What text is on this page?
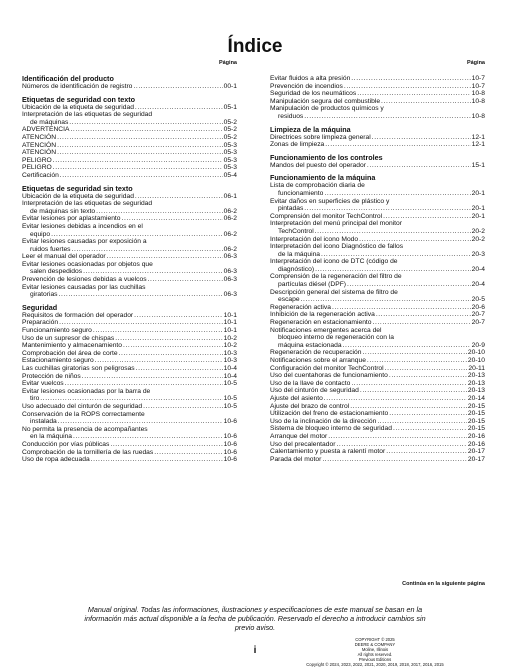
Índice
Página
Identificación del producto
Números de identificación de registro .....	00-1
Etiquetas de seguridad con texto
Ubicación de la etiqueta de seguridad .....	05-1
Interpretación de las etiquetas de seguridad
de máquinas .....	05-2
ADVERTENCIA .....	05-2
ATENCIÓN .....	05-2
ATENCIÓN .....	05-3
ATENCIÓN .....	05-3
PELIGRO .....	05-3
PELIGRO .....	05-3
Certificación .....	05-4
Etiquetas de seguridad sin texto
Ubicación de la etiqueta de seguridad .....	06-1
Interpretación de las etiquetas de seguridad
de máquinas sin texto .....	06-2
Evitar lesiones por aplastamiento .....	06-2
Evitar lesiones debidas a incendios en el
equipo .....	06-2
Evitar lesiones causadas por exposición a
ruidos fuertes .....	06-2
Leer el manual del operador .....	06-3
Evitar lesiones ocasionadas por objetos que
salen despedidos .....	06-3
Prevención de lesiones debidas a vuelcos .....	06-3
Evitar lesiones causadas por las cuchillas
giratorias .....	06-3
Seguridad
Requisitos de formación del operador .....	10-1
Preparación .....	10-1
Funcionamiento seguro .....	10-1
Uso de un supresor de chispas .....	10-2
Mantenimiento y almacenamiento .....	10-2
Comprobación del área de corte .....	10-3
Estacionamiento seguro .....	10-3
Las cuchillas giratorias son peligrosas .....	10-4
Protección de niños .....	10-4
Evitar vuelcos .....	10-5
Evitar lesiones ocasionadas por la barra de
tiro .....	10-5
Uso adecuado del cinturón de seguridad .....	10-5
Conservación de la ROPS correctamente
instalada .....	10-6
No permita la presencia de acompañantes
en la máquina .....	10-6
Conducción por vías públicas .....	10-6
Comprobación de la tornillería de las ruedas .....	10-6
Uso de ropa adecuada .....	10-6
Página
Evitar fluidos a alta presión .....	10-7
Prevención de incendios .....	10-7
Seguridad de los neumáticos .....	10-8
Manipulación segura del combustible .....	10-8
Manipulación de productos químicos y
residuos .....	10-8
Limpieza de la máquina
Directrices sobre limpieza general .....	12-1
Zonas de limpieza .....	12-1
Funcionamiento de los controles
Mandos del puesto del operador .....	15-1
Funcionamiento de la máquina
Lista de comprobación diaria de
funcionamiento .....	20-1
Evitar daños en superficies de plástico y
pintadas .....	20-1
Comprensión del monitor TechControl .....	20-1
Interpretación del menú principal del monitor
TechControl .....	20-2
Interpretación del icono Modo .....	20-2
Interpretación del icono Diagnóstico de fallos
de la máquina .....	20-3
Interpretación del icono de DTC (código de
diagnóstico) .....	20-4
Comprensión de la regeneración del filtro de
partículas diésel (DPF) .....	20-4
Descripción general del sistema de filtro de
escape .....	20-5
Regeneración activa .....	20-6
Inhibición de la regeneración activa .....	20-7
Regeneración en estacionamiento .....	20-7
Notificaciones emergentes acerca del
bloqueo interno de regeneración con la
máquina estacionada .....	20-9
Regeneración de recuperación .....	20-10
Notificaciones sobre el arranque .....	20-10
Configuración del monitor TechControl .....	20-11
Uso del cuentahoras de funcionamiento .....	20-13
Uso de la llave de contacto .....	20-13
Uso del cinturón de seguridad .....	20-13
Ajuste del asiento .....	20-14
Ajuste del brazo de control .....	20-15
Utilización del freno de estacionamiento .....	20-15
Uso de la inclinación de la dirección .....	20-15
Sistema de bloqueo interno de seguridad .....	20-15
Arranque del motor .....	20-16
Uso del precalentador .....	20-16
Calentamiento y puesta a ralentí motor .....	20-17
Parada del motor .....	20-17
Continúa en la siguiente página
Manual original. Todas las informaciones, ilustraciones y especificaciones de este manual se basan en la información más actual disponible a la fecha de publicación. Reservado el derecho a introducir cambios sin previo aviso.
COPYRIGHT © 2025
DEERE & COMPANY
Moline, Illinois
All rights reserved.
Previous Editions
Copyright © 2024, 2023, 2022, 2021, 2020, 2019, 2018, 2017, 2016, 2015
i
